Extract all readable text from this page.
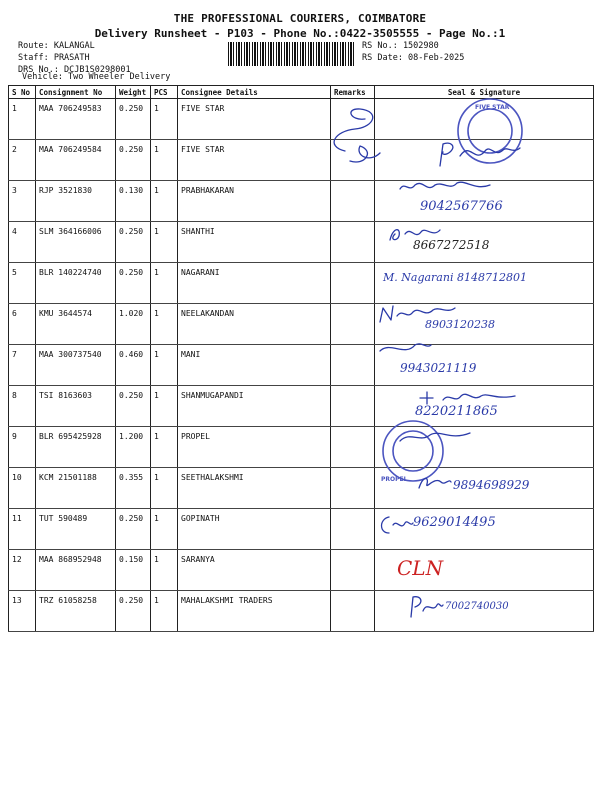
THE PROFESSIONAL COURIERS, COIMBATORE
Delivery Runsheet - P103 - Phone No.:0422-3505555 - Page No.:1
Route: KALANGAL
Staff: PRASATH
DRS No.: DCJB1S0298001
RS No.: 1502980
RS Date: 08-Feb-2025
Vehicle: Two Wheeler Delivery
S No	Consignment No	Weight	PCS	Consignee Details	Remarks	Seal & Signature
1	MAA 706249583	0.250	1	FIVE STAR		FIVE STAR

2	MAA 706249584	0.250	1	FIVE STAR		

3	RJP 3521830	0.130	1	PRABHAKARAN		9042567766

4	SLM 364166006	0.250	1	SHANTHI		8667272518

5	BLR 140224740	0.250	1	NAGARANI		M. Nagarani 8148712801

6	KMU 3644574	1.020	1	NEELAKANDAN		8903120238

7	MAA 300737540	0.460	1	MANI		9943021119

8	TSI 8163603	0.250	1	SHANMUGAPANDI		8220211865

9	BLR 695425928	1.200	1	PROPEL		PROPEL

10	KCM 21501188	0.355	1	SEETHALAKSHMI		9894698929

11	TUT 590489	0.250	1	GOPINATH		9629014495

12	MAA 868952948	0.150	1	SARANYA		CLN

13	TRZ 61058258	0.250	1	MAHALAKSHMI TRADERS		7002740030
